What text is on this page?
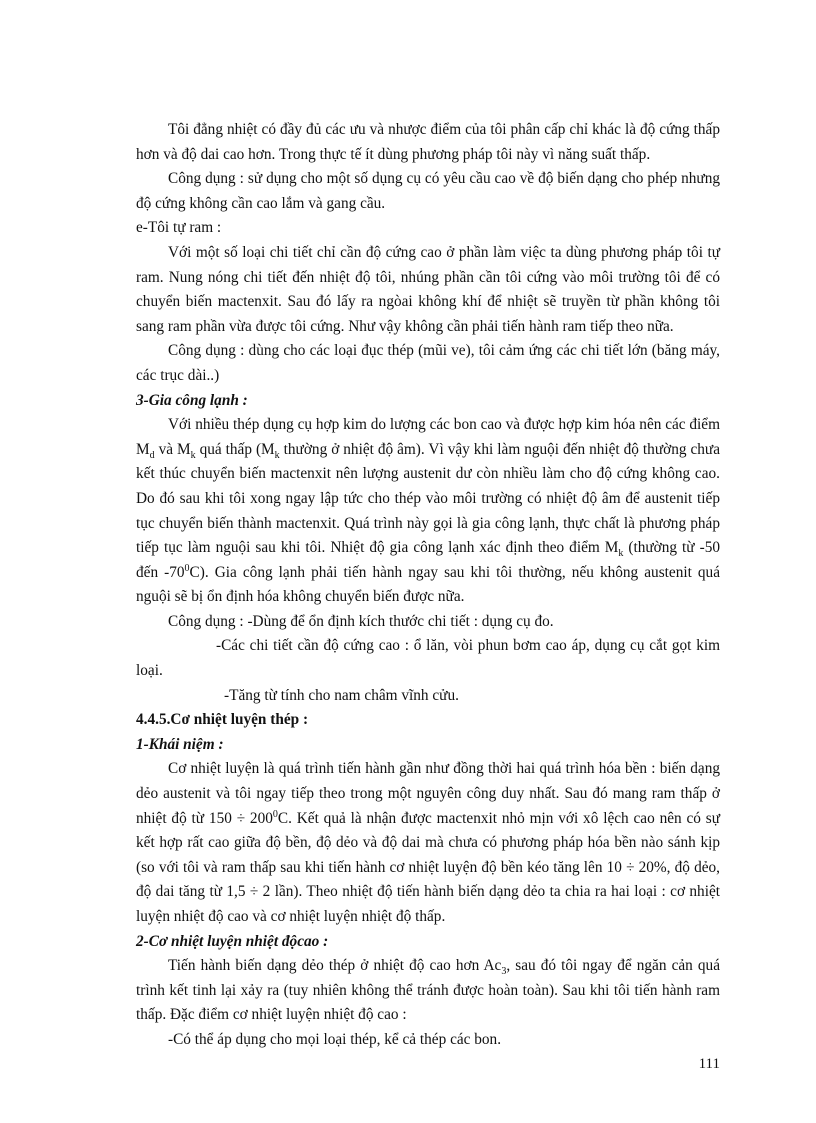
Tôi đẳng nhiệt có đầy đủ các ưu và nhược điểm của tôi phân cấp chỉ khác là độ cứng thấp hơn và độ dai cao hơn. Trong thực tế ít dùng phương pháp tôi này vì năng suất thấp.

Công dụng : sử dụng cho một số dụng cụ có yêu cầu cao về độ biến dạng cho phép nhưng độ cứng không cần cao lắm và gang cầu.

e-Tôi tự ram :

Với một số loại chi tiết chỉ cần độ cứng cao ở phần làm việc ta dùng phương pháp tôi tự ram. Nung nóng chi tiết đến nhiệt độ tôi, nhúng phần cần tôi cứng vào môi trường tôi để có chuyển biến mactenxit. Sau đó lấy ra ngòai không khí để nhiệt sẽ truyền từ phần không tôi sang ram phần vừa được tôi cứng. Như vậy không cần phải tiến hành ram tiếp theo nữa.

Công dụng : dùng cho các loại đục thép (mũi ve), tôi cảm ứng các chi tiết lớn (băng máy, các trục dài..)

3-Gia công lạnh :

Với nhiều thép dụng cụ hợp kim do lượng các bon cao và được hợp kim hóa nên các điểm $M_d$ và $M_k$ quá thấp ($M_k$ thường ở nhiệt độ âm). Vì vậy khi làm nguội đến nhiệt độ thường chưa kết thúc chuyển biến mactenxit nên lượng austenit dư còn nhiều làm cho độ cứng không cao. Do đó sau khi tôi xong ngay lập tức cho thép vào môi trường có nhiệt độ âm để austenit tiếp tục chuyển biến thành mactenxit. Quá trình này gọi là gia công lạnh, thực chất là phương pháp tiếp tục làm nguội sau khi tôi. Nhiệt độ gia công lạnh xác định theo điểm $M_k$ (thường từ -50 đến $-70^0C$). Gia công lạnh phải tiến hành ngay sau khi tôi thường, nếu không austenit quá nguội sẽ bị ổn định hóa không chuyển biến được nữa.

Công dụng : -Dùng để ổn định kích thước chi tiết : dụng cụ đo.

-Các chi tiết cần độ cứng cao : ổ lăn, vòi phun bơm cao áp, dụng cụ cắt gọt kim loại.

-Tăng từ tính cho nam châm vĩnh cửu.

4.4.5.Cơ nhiệt luyện thép :

1-Khái niệm :

Cơ nhiệt luyện là quá trình tiến hành gần như đồng thời hai quá trình hóa bền : biến dạng dẻo austenit và tôi ngay tiếp theo trong một nguyên công duy nhất. Sau đó mang ram thấp ở nhiệt độ từ $150 \div 200^0C$. Kết quả là nhận được mactenxit nhỏ mịn với xô lệch cao nên có sự kết hợp rất cao giữa độ bền, độ dẻo và độ dai mà chưa có phương pháp hóa bền nào sánh kịp (so với tôi và ram thấp sau khi tiến hành cơ nhiệt luyện độ bền kéo tăng lên 10 ÷ 20%, độ dẻo, độ dai tăng từ 1,5 ÷ 2 lần). Theo nhiệt độ tiến hành biến dạng dẻo ta chia ra hai loại : cơ nhiệt luyện nhiệt độ cao và cơ nhiệt luyện nhiệt độ thấp.

2-Cơ nhiệt luyện nhiệt độcao :

Tiến hành biến dạng dẻo thép ở nhiệt độ cao hơn $Ac_3$, sau đó tôi ngay để ngăn cản quá trình kết tinh lại xảy ra (tuy nhiên không thể tránh được hoàn toàn). Sau khi tôi tiến hành ram thấp. Đặc điểm cơ nhiệt luyện nhiệt độ cao :

-Có thể áp dụng cho mọi loại thép, kể cả thép các bon.

111
